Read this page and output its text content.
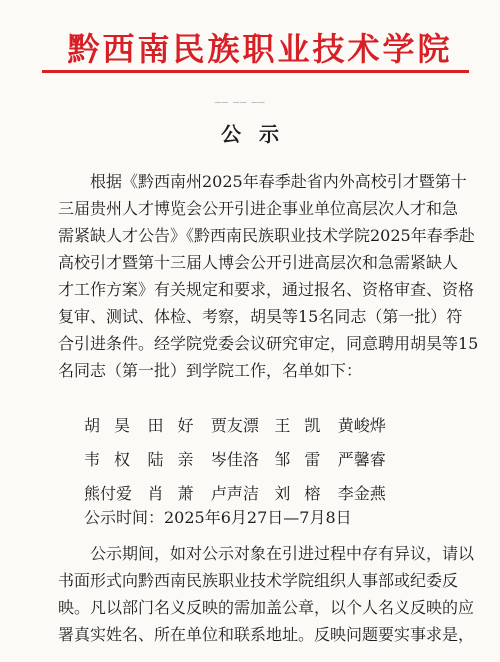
黔西南民族职业技术学院
── ── ──
公示
根据《黔西南州2025年春季赴省内外高校引才暨第十
三届贵州人才博览会公开引进企事业单位高层次人才和急
需紧缺人才公告》《黔西南民族职业技术学院2025年春季赴
高校引才暨第十三届人博会公开引进高层次和急需紧缺人
才工作方案》有关规定和要求，通过报名、资格审查、资格
复审、测试、体检、考察，胡昊等15名同志（第一批）符
合引进条件。经学院党委会议研究审定，同意聘用胡昊等15
名同志（第一批）到学院工作，名单如下：
胡昊 田好 贾友漂 王凯 黄峻烨
韦权 陆亲 岑佳洛 邹雷 严馨睿
熊付爱 肖萧 卢声洁 刘榕 李金燕
公示时间：2025年6月27日—7月8日
公示期间，如对公示对象在引进过程中存有异议，请以
书面形式向黔西南民族职业技术学院组织人事部或纪委反
映。凡以部门名义反映的需加盖公章，以个人名义反映的应
署真实姓名、所在单位和联系地址。反映问题要实事求是，
